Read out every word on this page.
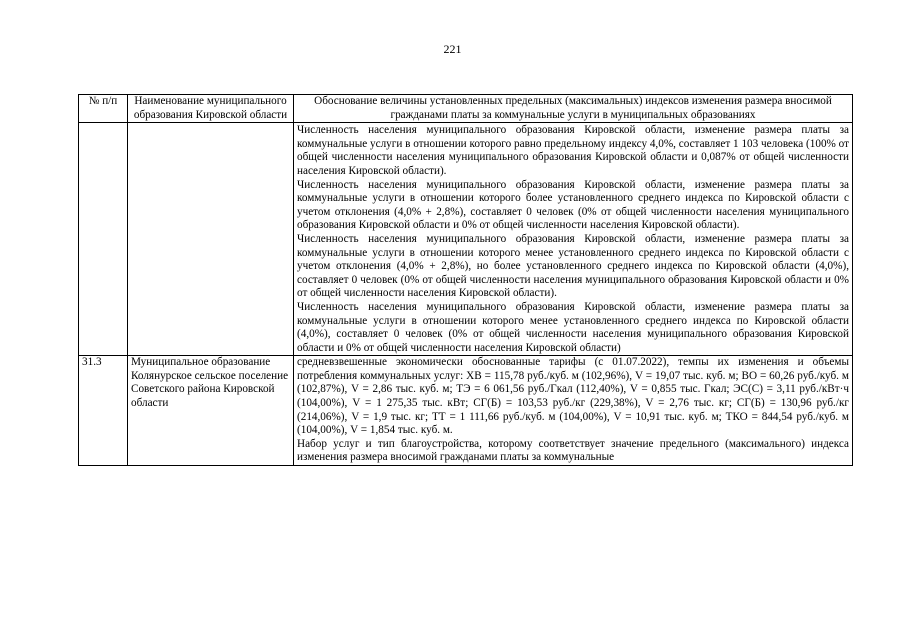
221
№ п/п	Наименование муниципального образования Кировской области	Обоснование величины установленных предельных (максимальных) индексов изменения размера вносимой гражданами платы за коммунальные услуги в муниципальных образованиях

		Численность населения муниципального образования Кировской области, изменение размера платы за коммунальные услуги в отношении которого равно предельному индексу 4,0%, составляет 1 103 человека (100% от общей численности населения муниципального образования Кировской области и 0,087% от общей численности населения Кировской области).
Численность населения муниципального образования Кировской области, изменение размера платы за коммунальные услуги в отношении которого более установленного среднего индекса по Кировской области с учетом отклонения (4,0% + 2,8%), составляет 0 человек (0% от общей численности населения муниципального образования Кировской области и 0% от общей численности населения Кировской области).
Численность населения муниципального образования Кировской области, изменение размера платы за коммунальные услуги в отношении которого менее установленного среднего индекса по Кировской области с учетом отклонения (4,0% + 2,8%), но более установленного среднего индекса по Кировской области (4,0%), составляет 0 человек (0% от общей численности населения муниципального образования Кировской области и 0% от общей численности населения Кировской области).
Численность населения муниципального образования Кировской области, изменение размера платы за коммунальные услуги в отношении которого менее установленного среднего индекса по Кировской области (4,0%), составляет 0 человек (0% от общей численности населения муниципального образования Кировской области и 0% от общей численности населения Кировской области)

31.3	Муниципальное образование Колянурское сельское поселение Советского района Кировской области	средневзвешенные экономически обоснованные тарифы (с 01.07.2022), темпы их изменения и объемы потребления коммунальных услуг: ХВ = 115,78 руб./куб. м (102,96%), V = 19,07 тыс. куб. м; ВО = 60,26 руб./куб. м (102,87%), V = 2,86 тыс. куб. м; ТЭ = 6 061,56 руб./Гкал (112,40%), V = 0,855 тыс. Гкал; ЭС(С) = 3,11 руб./кВт·ч (104,00%), V = 1 275,35 тыс. кВт; СГ(Б) = 103,53 руб./кг (229,38%), V = 2,76 тыс. кг; СГ(Б) = 130,96 руб./кг (214,06%), V = 1,9 тыс. кг; ТТ = 1 111,66 руб./куб. м (104,00%), V = 10,91 тыс. куб. м; ТКО = 844,54 руб./куб. м (104,00%), V = 1,854 тыс. куб. м.
Набор услуг и тип благоустройства, которому соответствует значение предельного (максимального) индекса изменения размера вносимой гражданами платы за коммунальные
